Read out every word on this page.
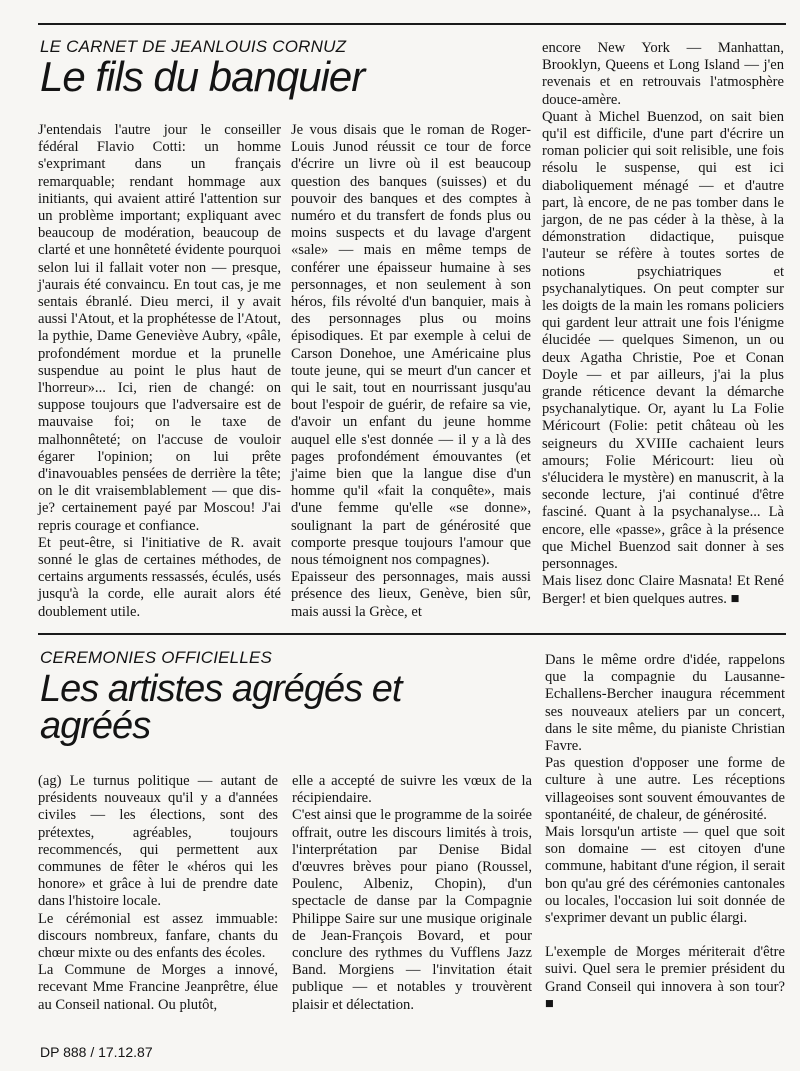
LE CARNET DE JEANLOUIS CORNUZ
Le fils du banquier

J'entendais l'autre jour le conseiller fédéral Flavio Cotti: un homme s'exprimant dans un français remarquable; rendant hommage aux initiants, qui avaient attiré l'attention sur un problème important; expliquant avec beaucoup de modération, beaucoup de clarté et une honnêteté évidente pourquoi selon lui il fallait voter non — presque, j'aurais été convaincu. En tout cas, je me sentais ébranlé. Dieu merci, il y avait aussi l'Atout, et la prophétesse de l'Atout, la pythie, Dame Geneviève Aubry, «pâle, profondément mordue et la prunelle suspendue au point le plus haut de l'horreur»... Ici, rien de changé: on suppose toujours que l'adversaire est de mauvaise foi; on le taxe de malhonnêteté; on l'accuse de vouloir égarer l'opinion; on lui prête d'inavouables pensées de derrière la tête; on le dit vraisemblablement — que dis-je? certainement payé par Moscou! J'ai repris courage et confiance.

Et peut-être, si l'initiative de R. avait sonné le glas de certaines méthodes, de certains arguments ressassés, éculés, usés jusqu'à la corde, elle aurait alors été doublement utile.

Je vous disais que le roman de Roger-Louis Junod réussit ce tour de force d'écrire un livre où il est beaucoup question des banques (suisses) et du pouvoir des banques et des comptes à numéro et du transfert de fonds plus ou moins suspects et du lavage d'argent «sale» — mais en même temps de conférer une épaisseur humaine à ses personnages, et non seulement à son héros, fils révolté d'un banquier, mais à des personnages plus ou moins épisodiques. Et par exemple à celui de Carson Donehoe, une Américaine plus toute jeune, qui se meurt d'un cancer et qui le sait, tout en nourrissant jusqu'au bout l'espoir de guérir, de refaire sa vie, d'avoir un enfant du jeune homme auquel elle s'est donnée — il y a là des pages profondément émouvantes (et j'aime bien que la langue dise d'un homme qu'il «fait la conquête», mais d'une femme qu'elle «se donne», soulignant la part de générosité que comporte presque toujours l'amour que nous témoignent nos compagnes).

Epaisseur des personnages, mais aussi présence des lieux, Genève, bien sûr, mais aussi la Grèce, et

encore New York — Manhattan, Brooklyn, Queens et Long Island — j'en revenais et en retrouvais l'atmosphère douce-amère.

Quant à Michel Buenzod, on sait bien qu'il est difficile, d'une part d'écrire un roman policier qui soit relisible, une fois résolu le suspense, qui est ici diaboliquement ménagé — et d'autre part, là encore, de ne pas tomber dans le jargon, de ne pas céder à la thèse, à la démonstration didactique, puisque l'auteur se réfère à toutes sortes de notions psychiatriques et psychanalytiques. On peut compter sur les doigts de la main les romans policiers qui gardent leur attrait une fois l'énigme élucidée — quelques Simenon, un ou deux Agatha Christie, Poe et Conan Doyle — et par ailleurs, j'ai la plus grande réticence devant la démarche psychanalytique. Or, ayant lu La Folie Méricourt (Folie: petit château où les seigneurs du XVIIIe cachaient leurs amours; Folie Méricourt: lieu où s'élucidera le mystère) en manuscrit, à la seconde lecture, j'ai continué d'être fasciné. Quant à la psychanalyse... Là encore, elle «passe», grâce à la présence que Michel Buenzod sait donner à ses personnages.

Mais lisez donc Claire Masnata! Et René Berger! et bien quelques autres. ■

CEREMONIES OFFICIELLES
Les artistes agrégés et
agréés

(ag) Le turnus politique — autant de présidents nouveaux qu'il y a d'années civiles — les élections, sont des prétextes, agréables, toujours recommencés, qui permettent aux communes de fêter le «héros qui les honore» et grâce à lui de prendre date dans l'histoire locale.

Le cérémonial est assez immuable: discours nombreux, fanfare, chants du chœur mixte ou des enfants des écoles.

La Commune de Morges a innové, recevant Mme Francine Jeanprêtre, élue au Conseil national. Ou plutôt,

elle a accepté de suivre les vœux de la récipiendaire.

C'est ainsi que le programme de la soirée offrait, outre les discours limités à trois, l'interprétation par Denise Bidal d'œuvres brèves pour piano (Roussel, Poulenc, Albeniz, Chopin), d'un spectacle de danse par la Compagnie Philippe Saire sur une musique originale de Jean-François Bovard, et pour conclure des rythmes du Vufflens Jazz Band. Morgiens — l'invitation était publique — et notables y trouvèrent plaisir et délectation.

Dans le même ordre d'idée, rappelons que la compagnie du Lausanne-Echallens-Bercher inaugura récemment ses nouveaux ateliers par un concert, dans le site même, du pianiste Christian Favre.

Pas question d'opposer une forme de culture à une autre. Les réceptions villageoises sont souvent émouvantes de spontanéité, de chaleur, de générosité.

Mais lorsqu'un artiste — quel que soit son domaine — est citoyen d'une commune, habitant d'une région, il serait bon qu'au gré des cérémonies cantonales ou locales, l'occasion lui soit donnée de s'exprimer devant un public élargi.

L'exemple de Morges mériterait d'être suivi. Quel sera le premier président du Grand Conseil qui innovera à son tour? ■

DP 888 / 17.12.87
